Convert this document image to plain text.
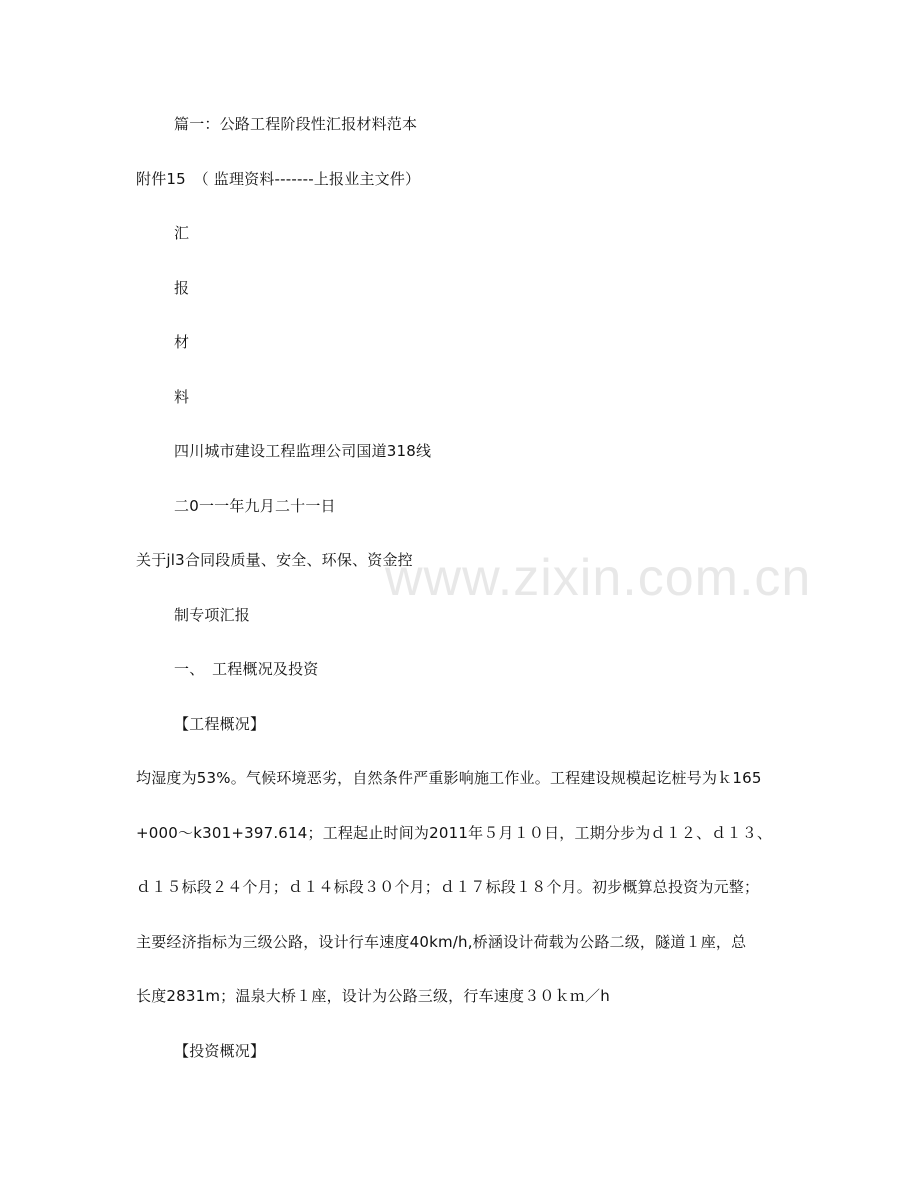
篇一：公路工程阶段性汇报材料范本
附件15　（ 监理资料-------上报业主文件）
汇
报
材
料
四川城市建设工程监理公司国道318线
二0一一年九月二十一日
关于jl3合同段质量、安全、环保、资金控
制专项汇报
一、　工程概况及投资
【工程概况】
均湿度为53%。气候环境恶劣，自然条件严重影响施工作业。工程建设规模起讫桩号为ｋ165
+000～k301+397.614；工程起止时间为2011年５月１０日，工期分步为ｄ１２、ｄ１３、
ｄ１５标段２４个月；ｄ１４标段３０个月；ｄ１７标段１８个月。初步概算总投资为元整；
主要经济指标为三级公路，设计行车速度40km/h,桥涵设计荷载为公路二级，隧道１座，总
长度2831m；温泉大桥１座，设计为公路三级，行车速度３０ｋｍ／h
【投资概况】
www.zixin.com.cn
